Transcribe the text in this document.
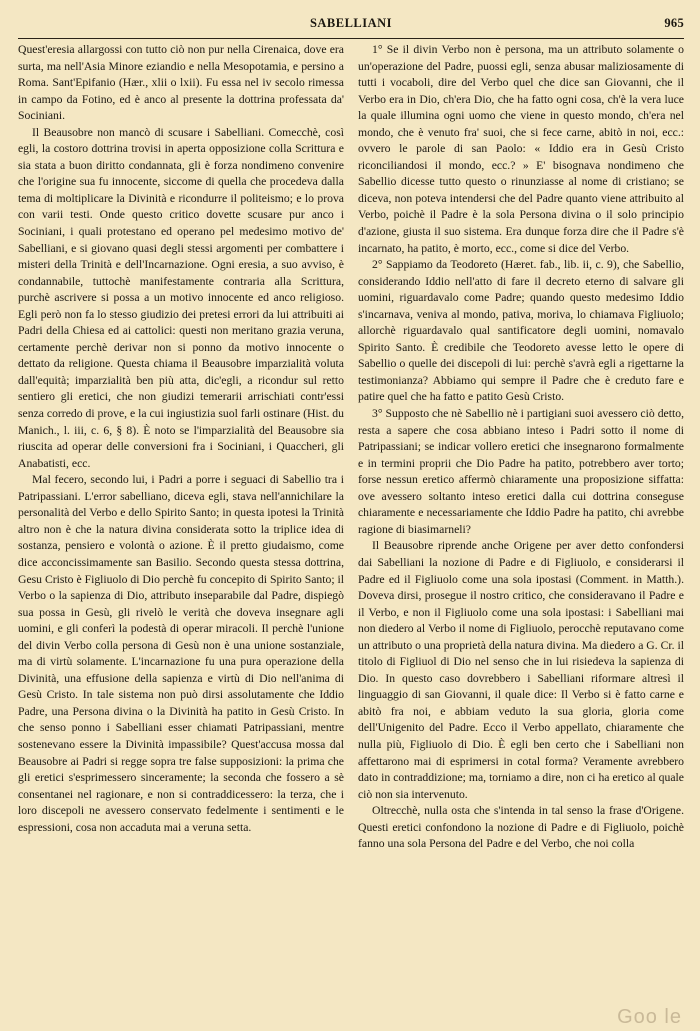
SABELLIANI	965

Quest'eresia allargossi con tutto ciò non pur nella Cirenaica, dove era surta, ma nell'Asia Minore eziandio e nella Mesopotamia, e persino a Roma. Sant'Epifanio (Hær., xlii o lxii). Fu essa nel iv secolo rimessa in campo da Fotino, ed è anco al presente la dottrina professata da' Sociniani.

Il Beausobre non mancò di scusare i Sabelliani. Comecchè, così egli, la costoro dottrina trovisi in aperta opposizione colla Scrittura e sia stata a buon diritto condannata, gli è forza nondimeno convenire che l'origine sua fu innocente, siccome di quella che procedeva dalla tema di moltiplicare la Divinità e ricondurre il politeismo; e lo prova con varii testi. Onde questo critico dovette scusare pur anco i Sociniani, i quali protestano ed operano pel medesimo motivo de' Sabelliani, e si giovano quasi degli stessi argomenti per combattere i misteri della Trinità e dell'Incarnazione. Ogni eresia, a suo avviso, è condannabile, tuttochè manifestamente contraria alla Scrittura, purchè ascrivere si possa a un motivo innocente ed anco religioso. Egli però non fa lo stesso giudizio dei pretesi errori da lui attribuiti ai Padri della Chiesa ed ai cattolici: questi non meritano grazia veruna, certamente perchè derivar non si ponno da motivo innocente o dettato da religione. Questa chiama il Beausobre imparzialità voluta dall'equità; imparzialità ben più atta, dic'egli, a ricondur sul retto sentiero gli eretici, che non giudizi temerarii arrischiati contr'essi senza corredo di prove, e la cui ingiustizia suol farli ostinare (Hist. du Manich., l. iii, c. 6, § 8). È noto se l'imparzialità del Beausobre sia riuscita ad operar delle conversioni fra i Sociniani, i Quaccheri, gli Anabatisti, ecc.

Mal fecero, secondo lui, i Padri a porre i seguaci di Sabellio tra i Patripassiani. L'error sabelliano, diceva egli, stava nell'annichilare la personalità del Verbo e dello Spirito Santo; in questa ipotesi la Trinità altro non è che la natura divina considerata sotto la triplice idea di sostanza, pensiero e volontà o azione. È il pretto giudaismo, come dice acconcissimamente san Basilio. Secondo questa stessa dottrina, Gesu Cristo è Figliuolo di Dio perchè fu concepito di Spirito Santo; il Verbo o la sapienza di Dio, attributo inseparabile dal Padre, dispiegò sua possa in Gesù, gli rivelò le verità che doveva insegnare agli uomini, e gli conferì la podestà di operar miracoli. Il perchè l'unione del divin Verbo colla persona di Gesù non è una unione sostanziale, ma di virtù solamente. L'incarnazione fu una pura operazione della Divinità, una effusione della sapienza e virtù di Dio nell'anima di Gesù Cristo. In tale sistema non può dirsi assolutamente che Iddio Padre, una Persona divina o la Divinità ha patito in Gesù Cristo. In che senso ponno i Sabelliani esser chiamati Patripassiani, mentre sostenevano essere la Divinità impassibile? Quest'accusa mossa dal Beausobre ai Padri si regge sopra tre false supposizioni: la prima che gli eretici s'esprimessero sinceramente; la seconda che fossero a sè consentanei nel ragionare, e non si contraddicessero: la terza, che i loro discepoli ne avessero conservato fedelmente i sentimenti e le espressioni, cosa non accaduta mai a veruna setta.

1° Se il divin Verbo non è persona, ma un attributo solamente o un'operazione del Padre, puossi egli, senza abusar maliziosamente di tutti i vocaboli, dire del Verbo quel che dice san Giovanni, che il Verbo era in Dio, ch'era Dio, che ha fatto ogni cosa, ch'è la vera luce la quale illumina ogni uomo che viene in questo mondo, ch'era nel mondo, che è venuto fra' suoi, che si fece carne, abitò in noi, ecc.: ovvero le parole di san Paolo: « Iddio era in Gesù Cristo riconciliandosi il mondo, ecc.? » E' bisognava nondimeno che Sabellio dicesse tutto questo o rinunziasse al nome di cristiano; se diceva, non poteva intendersi che del Padre quanto viene attribuito al Verbo, poichè il Padre è la sola Persona divina o il solo principio d'azione, giusta il suo sistema. Era dunque forza dire che il Padre s'è incarnato, ha patito, è morto, ecc., come si dice del Verbo.

2° Sappiamo da Teodoreto (Hæret. fab., lib. ii, c. 9), che Sabellio, considerando Iddio nell'atto di fare il decreto eterno di salvare gli uomini, riguardavalo come Padre; quando questo medesimo Iddio s'incarnava, veniva al mondo, pativa, moriva, lo chiamava Figliuolo; allorchè riguardavalo qual santificatore degli uomini, nomavalo Spirito Santo. È credibile che Teodoreto avesse letto le opere di Sabellio o quelle dei discepoli di lui: perchè s'avrà egli a rigettarne la testimonianza? Abbiamo qui sempre il Padre che è creduto fare e patire quel che ha fatto e patito Gesù Cristo.

3° Supposto che nè Sabellio nè i partigiani suoi avessero ciò detto, resta a sapere che cosa abbiano inteso i Padri sotto il nome di Patripassiani; se indicar vollero eretici che insegnarono formalmente e in termini proprii che Dio Padre ha patito, potrebbero aver torto; forse nessun eretico affermò chiaramente una proposizione siffatta: ove avessero soltanto inteso eretici dalla cui dottrina conseguse chiaramente e necessariamente che Iddio Padre ha patito, chi avrebbe ragione di biasimarneli?

Il Beausobre riprende anche Origene per aver detto confondersi dai Sabelliani la nozione di Padre e di Figliuolo, e considerarsi il Padre ed il Figliuolo come una sola ipostasi (Comment. in Matth.). Doveva dirsi, prosegue il nostro critico, che consideravano il Padre e il Verbo, e non il Figliuolo come una sola ipostasi: i Sabelliani mai non diedero al Verbo il nome di Figliuolo, perocchè reputavano come un attributo o una proprietà della natura divina. Ma diedero a G. Cr. il titolo di Figliuol di Dio nel senso che in lui risiedeva la sapienza di Dio. In questo caso dovrebbero i Sabelliani riformare altresì il linguaggio di san Giovanni, il quale dice: Il Verbo si è fatto carne e abitò fra noi, e abbiam veduto la sua gloria, gloria come dell'Unigenito del Padre. Ecco il Verbo appellato, chiaramente che nulla più, Figliuolo di Dio. È egli ben certo che i Sabelliani non affettarono mai di esprimersi in cotal forma? Veramente avrebbero dato in contraddizione; ma, torniamo a dire, non ci ha eretico al quale ciò non sia intervenuto.

Oltrecchè, nulla osta che s'intenda in tal senso la frase d'Origene. Questi eretici confondono la nozione di Padre e di Figliuolo, poichè fanno una sola Persona del Padre e del Verbo, che noi colla

Goo le
